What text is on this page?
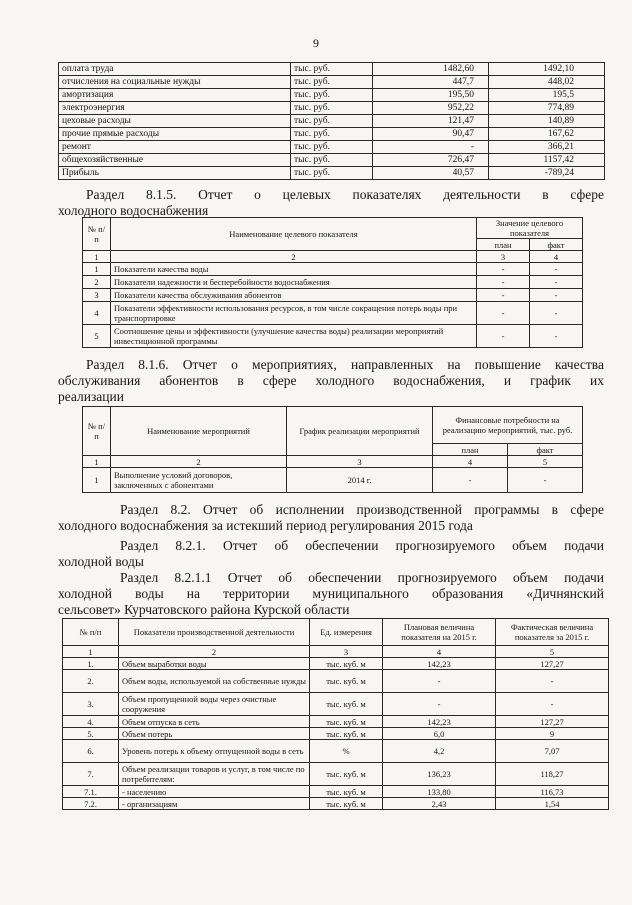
9
оплата труда	тыс. руб.	1482,60	1492,10
отчисления на социальные нужды	тыс. руб.	447,7	448,02
амортизация	тыс. руб.	195,50	195,5
электроэнергия	тыс. руб.	952,22	774,89
цеховые расходы	тыс. руб.	121,47	140,89
прочие прямые расходы	тыс. руб.	90,47	167,62
ремонт	тыс. руб.	-	366,21
общехозяйственные	тыс. руб.	726,47	1157,42
Прибыль	тыс. руб.	40,57	-789,24
Раздел 8.1.5. Отчет о целевых показателях деятельности в сфере
холодного водоснабжения
№ п/п	Наименование целевого показателя	Значение целевого показателя	
		план	факт
1	2	3	4
1	Показатели качества воды	-	-
2	Показатели надежности и бесперебойности водоснабжения	-	-
3	Показатели качества обслуживания абонентов	-	-
4	Показатели эффективности использования ресурсов, в том числе сокращения потерь воды при транспортировке	-	-
5	Соотношение цены и эффективности (улучшение качества воды) реализации мероприятий инвестиционной программы	-	-
Раздел 8.1.6. Отчет о мероприятиях, направленных на повышение качества
обслуживания абонентов в сфере холодного водоснабжения, и график их
реализации
№ п/п	Наименование мероприятий	График реализации мероприятий	Финансовые потребности на реализацию мероприятий, тыс. руб.	
			план	факт
1	2	3	4	5
1	Выполнение условий договоров, заключенных с абонентами	2014 г.	-	-
Раздел 8.2. Отчет об исполнении производственной программы в сфере
холодного водоснабжения за истекший период регулирования 2015 года
Раздел 8.2.1. Отчет об обеспечении прогнозируемого объем подачи
холодной воды
Раздел 8.2.1.1 Отчет об обеспечении прогнозируемого объем подачи
холодной воды на территории муниципального образования «Дичнянский
сельсовет» Курчатовского района Курской области
№ п/п	Показатели производственной деятельности	Ед. измерения	Плановая величина показателя на 2015 г.	Фактическая величина показателя за 2015 г.
1	2	3	4	5
1.	Объем выработки воды	тыс. куб. м	142,23	127,27
2.	Объем воды, используемой на собственные нужды	тыс. куб. м	-	-
3.	Объем пропущенной воды через очистные сооружения	тыс. куб. м	-	-
4.	Объем отпуска в сеть	тыс. куб. м	142,23	127,27
5.	Объем потерь	тыс. куб. м	6,0	9
6.	Уровень потерь к объему отпущенной воды в сеть	%	4,2	7,07
7.	Объем реализации товаров и услуг, в том числе по потребителям:	тыс. куб. м	136,23	118,27
7.1.	- населению	тыс. куб. м	133,80	116,73
7.2.	- организациям	тыс. куб. м	2,43	1,54
